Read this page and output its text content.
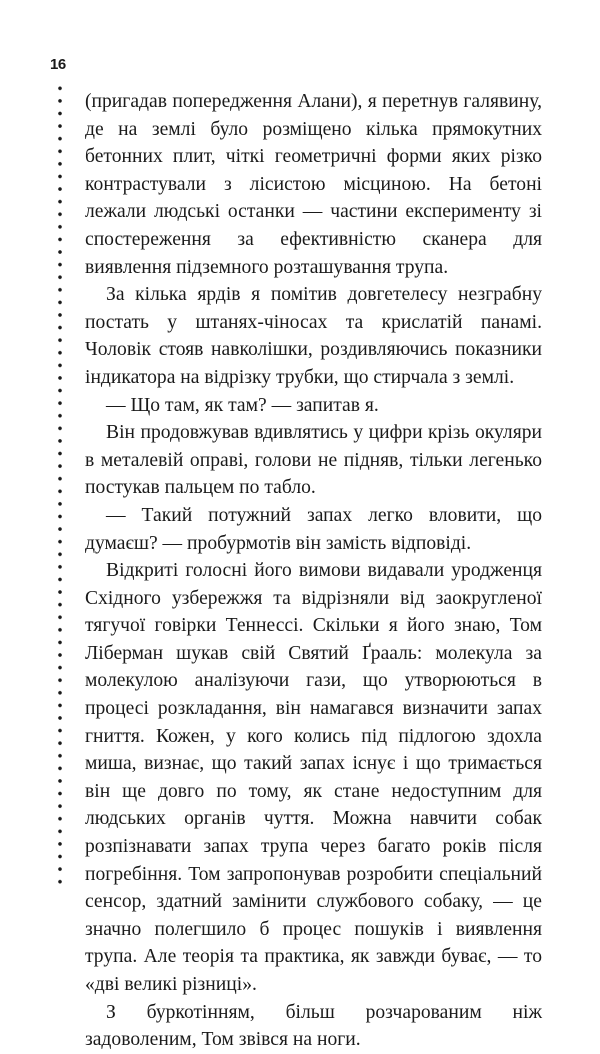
16

(пригадав попередження Алани), я перетнув галявину, де на землі було розміщено кілька прямокутних бетонних плит, чіткі геометричні форми яких різко контрастували з лісистою місциною. На бетоні лежали людські останки — частини експерименту зі спостереження за ефективністю сканера для виявлення підземного розташування трупа.

За кілька ярдів я помітив довгетелесу незграбну постать у штанях-чіносах та крислатій панамі. Чоловік стояв навколішки, роздивляючись показники індикатора на відрізку трубки, що стирчала з землі.

— Що там, як там? — запитав я.

Він продовжував вдивлятись у цифри крізь окуляри в металевій оправі, голови не підняв, тільки легенько постукав пальцем по табло.

— Такий потужний запах легко вловити, що думаєш? — пробурмотів він замість відповіді.

Відкриті голосні його вимови видавали уродженця Східного узбережжя та відрізняли від заокругленої тягучої говірки Теннессі. Скільки я його знаю, Том Ліберман шукав свій Святий Ґрааль: молекула за молекулою аналізуючи гази, що утворюються в процесі розкладання, він намагався визначити запах гниття. Кожен, у кого колись під підлогою здохла миша, визнає, що такий запах існує і що тримається він ще довго по тому, як стане недоступним для людських органів чуття. Можна навчити собак розпізнавати запах трупа через багато років після погребіння. Том запропонував розробити спеціальний сенсор, здатний замінити службового собаку, — це значно полегшило б процес пошуків і виявлення трупа. Але теорія та практика, як завжди буває, — то «дві великі різниці».

З буркотінням, більш розчарованим ніж задоволеним, Том звівся на ноги.
